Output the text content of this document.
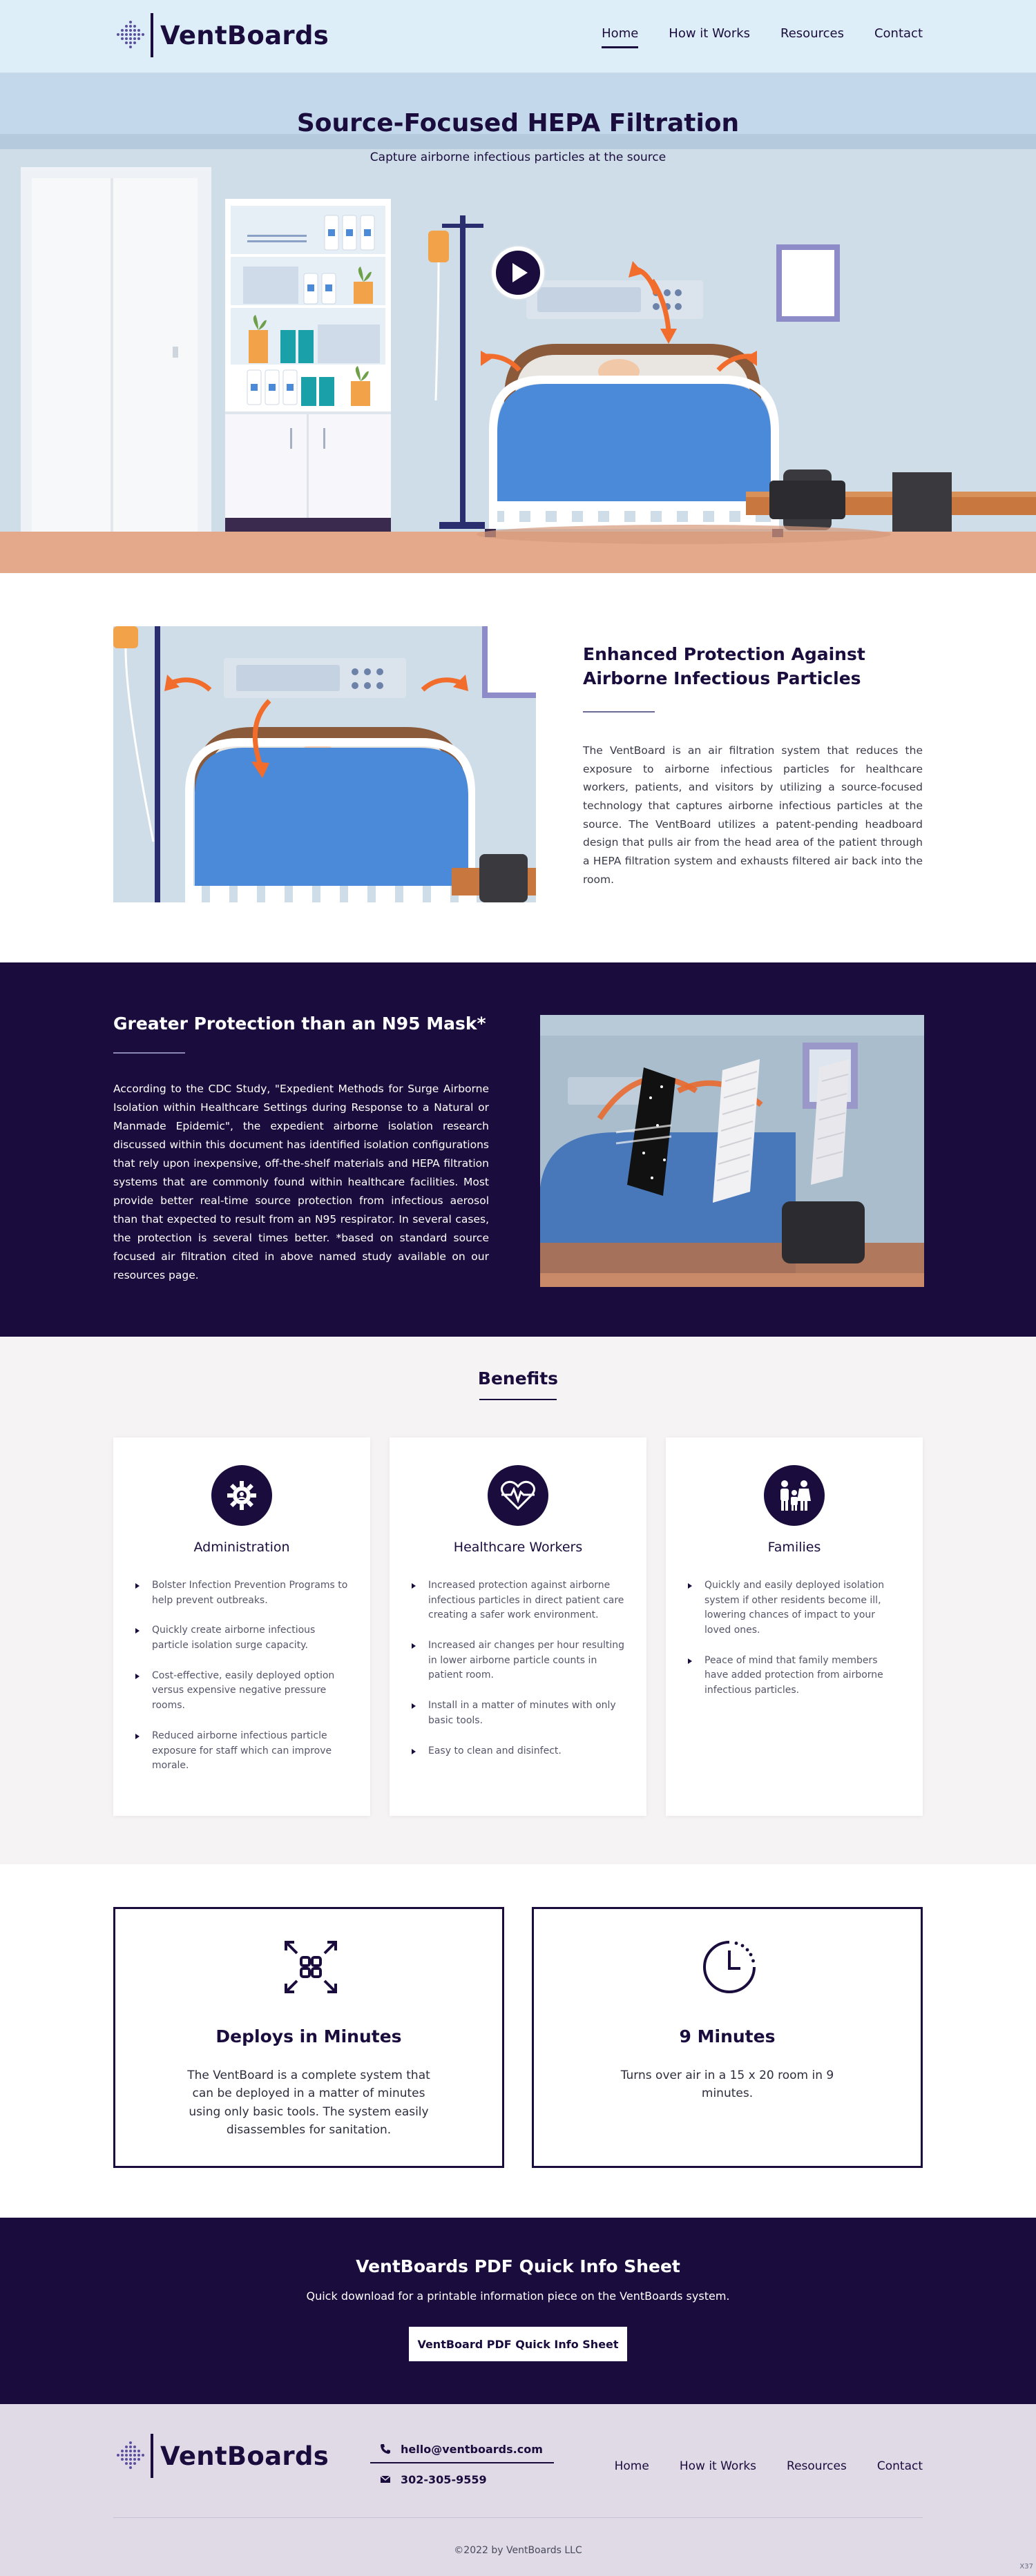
VentBoards	Home How it Works Resources Contact
Source-Focused HEPA Filtration
Capture airborne infectious particles at the source
Enhanced Protection Against Airborne Infectious Particles

The VentBoard is an air filtration system that reduces the exposure to airborne infectious particles for healthcare workers, patients, and visitors by utilizing a source-focused technology that captures airborne infectious particles at the source. The VentBoard utilizes a patent-pending headboard design that pulls air from the head area of the patient through a HEPA filtration system and exhausts filtered air back into the room.

Greater Protection than an N95 Mask*

According to the CDC Study, "Expedient Methods for Surge Airborne Isolation within Healthcare Settings during Response to a Natural or Manmade Epidemic", the expedient airborne isolation research discussed within this document has identified isolation configurations that rely upon inexpensive, off-the-shelf materials and HEPA filtration systems that are commonly found within healthcare facilities. Most provide better real-time source protection from infectious aerosol than that expected to result from an N95 respirator. In several cases, the protection is several times better. *based on standard source focused air filtration cited in above named study available on our resources page.

Benefits
Administration
Bolster Infection Prevention Programs to help prevent outbreaks.
Quickly create airborne infectious particle isolation surge capacity.
Cost-effective, easily deployed option versus expensive negative pressure rooms.
Reduced airborne infectious particle exposure for staff which can improve morale.
Healthcare Workers
Increased protection against airborne infectious particles in direct patient care creating a safer work environment.
Increased air changes per hour resulting in lower airborne particle counts in patient room.
Install in a matter of minutes with only basic tools.
Easy to clean and disinfect.
Families
Quickly and easily deployed isolation system if other residents become ill, lowering chances of impact to your loved ones.
Peace of mind that family members have added protection from airborne infectious particles.
Deploys in Minutes
The VentBoard is a complete system that can be deployed in a matter of minutes using only basic tools. The system easily disassembles for sanitation.
9 Minutes
Turns over air in a 15 x 20 room in 9 minutes.
VentBoards PDF Quick Info Sheet
Quick download for a printable information piece on the VentBoards system.
VentBoard PDF Quick Info Sheet
VentBoards	hello@ventboards.com
302-305-9559
Home	How it Works	Resources	Contact
©2022 by VentBoards LLC
X37
